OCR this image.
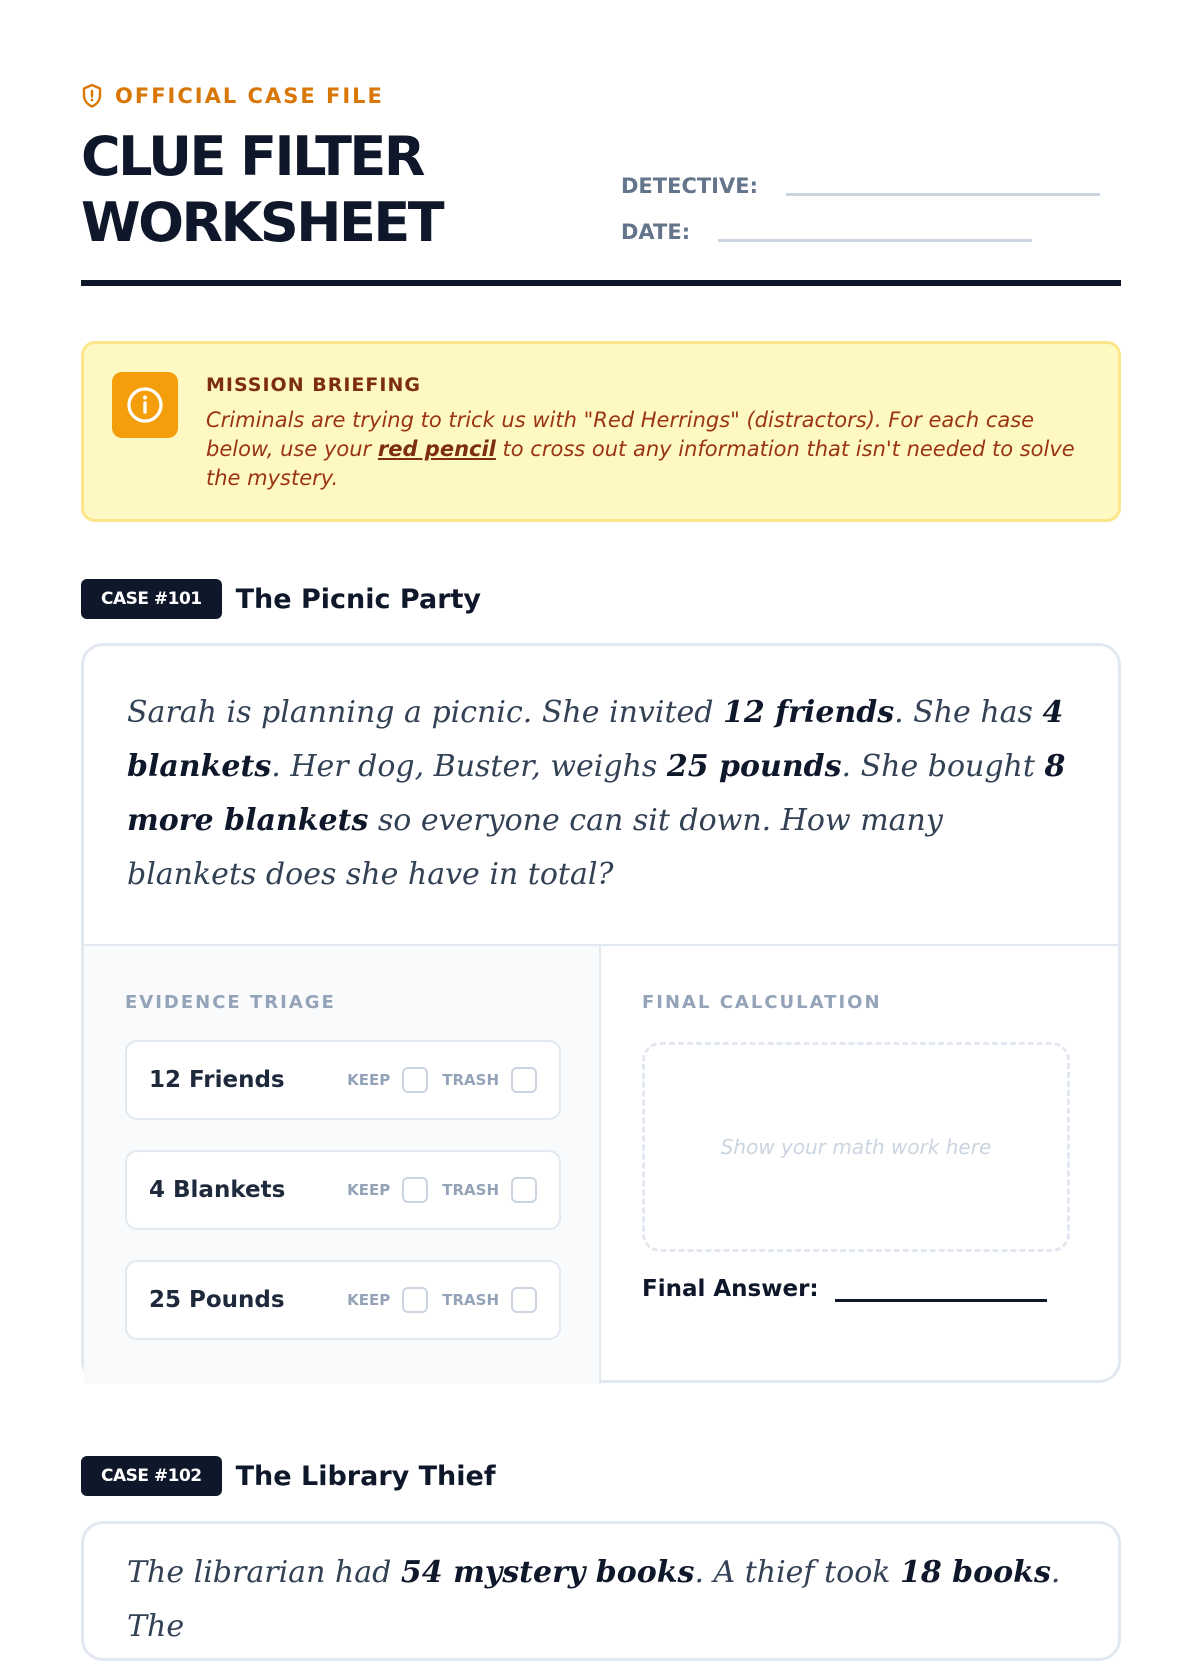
OFFICIAL CASE FILE
CLUE FILTER
WORKSHEET
DETECTIVE:
DATE:
MISSION BRIEFING
Criminals are trying to trick us with "Red Herrings" (distractors). For each case below, use your red pencil to cross out any information that isn't needed to solve the mystery.
CASE #101	The Picnic Party
Sarah is planning a picnic. She invited 12 friends. She has 4 blankets. Her dog, Buster, weighs 25 pounds. She bought 8 more blankets so everyone can sit down. How many blankets does she have in total?
EVIDENCE TRIAGE
12 Friends	KEEP	TRASH
4 Blankets	KEEP	TRASH
25 Pounds	KEEP	TRASH
FINAL CALCULATION
Show your math work here
Final Answer:
CASE #102	The Library Thief
The librarian had 54 mystery books. A thief took 18 books. The
